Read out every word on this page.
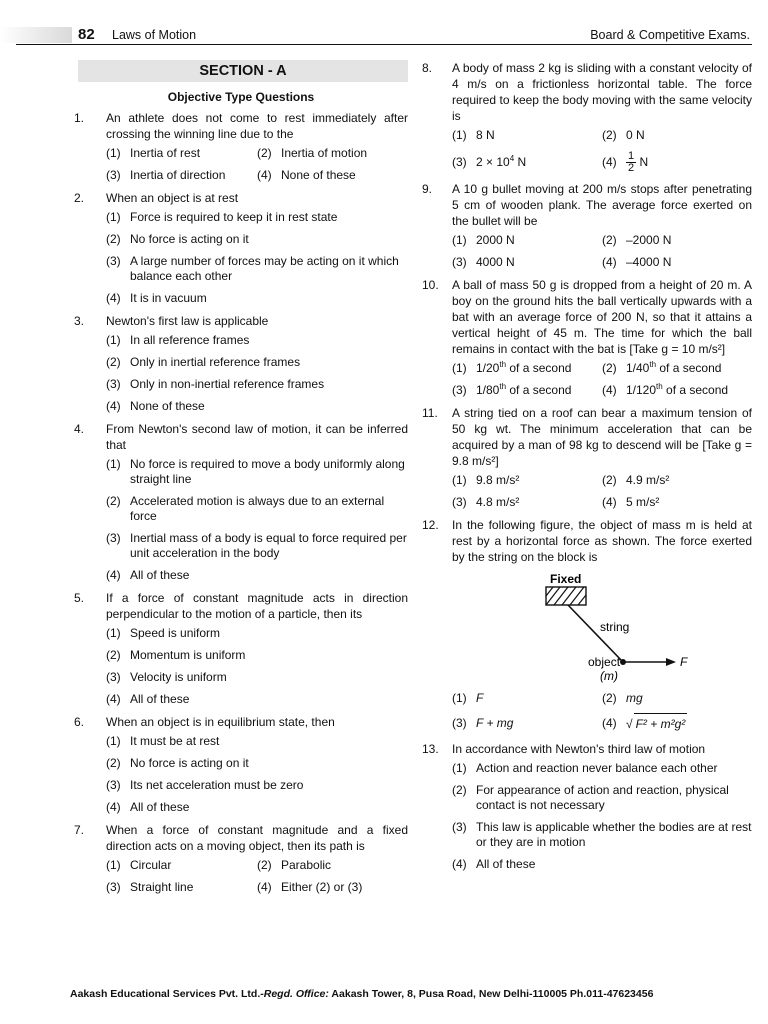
82 Laws of Motion	Board & Competitive Exams.
SECTION - A
Objective Type Questions
1. An athlete does not come to rest immediately after crossing the winning line due to the
(1) Inertia of rest	(2) Inertia of motion
(3) Inertia of direction	(4) None of these
2. When an object is at rest
(1) Force is required to keep it in rest state
(2) No force is acting on it
(3) A large number of forces may be acting on it which balance each other
(4) It is in vacuum
3. Newton's first law is applicable
(1) In all reference frames
(2) Only in inertial reference frames
(3) Only in non-inertial reference frames
(4) None of these
4. From Newton's second law of motion, it can be inferred that
(1) No force is required to move a body uniformly along straight line
(2) Accelerated motion is always due to an external force
(3) Inertial mass of a body is equal to force required per unit acceleration in the body
(4) All of these
5. If a force of constant magnitude acts in direction perpendicular to the motion of a particle, then its
(1) Speed is uniform
(2) Momentum is uniform
(3) Velocity is uniform
(4) All of these
6. When an object is in equilibrium state, then
(1) It must be at rest
(2) No force is acting on it
(3) Its net acceleration must be zero
(4) All of these
7. When a force of constant magnitude and a fixed direction acts on a moving object, then its path is
(1) Circular	(2) Parabolic
(3) Straight line	(4) Either (2) or (3)
8. A body of mass 2 kg is sliding with a constant velocity of 4 m/s on a frictionless horizontal table. The force required to keep the body moving with the same velocity is
(1) 8 N	(2) 0 N
(3) $2 \times 10^4$ N	$(4) \frac{1}{2}$ N
9. A 10 g bullet moving at 200 m/s stops after penetrating 5 cm of wooden plank. The average force exerted on the bullet will be
(1) 2000 N	(2) –2000 N
(3) 4000 N	(4) –4000 N
10. A ball of mass 50 g is dropped from a height of 20 m. A boy on the ground hits the ball vertically upwards with a bat with an average force of 200 N, so that it attains a vertical height of 45 m. The time for which the ball remains in contact with the bat is [Take g = 10 m/s²]
(1) 1/20th of a second	(2) 1/40th of a second
(3) 1/80th of a second	(4) 1/120th of a second
11. A string tied on a roof can bear a maximum tension of 50 kg wt. The minimum acceleration that can be acquired by a man of 98 kg to descend will be [Take g = 9.8 m/s²]
(1) 9.8 m/s²	(2) 4.9 m/s²
(3) 4.8 m/s²	(4) 5 m/s²
12. In the following figure, the object of mass m is held at rest by a horizontal force as shown. The force exerted by the string on the block is
Fixed
string
F
object
(m)
(1) F	(2) mg
(3) F + mg	(4) √ F² + m²g²
13. In accordance with Newton's third law of motion
(1) Action and reaction never balance each other
(2) For appearance of action and reaction, physical contact is not necessary
(3) This law is applicable whether the bodies are at rest or they are in motion
(4) All of these
Aakash Educational Services Pvt. Ltd.-Regd. Office: Aakash Tower, 8, Pusa Road, New Delhi-110005 Ph.011-47623456
